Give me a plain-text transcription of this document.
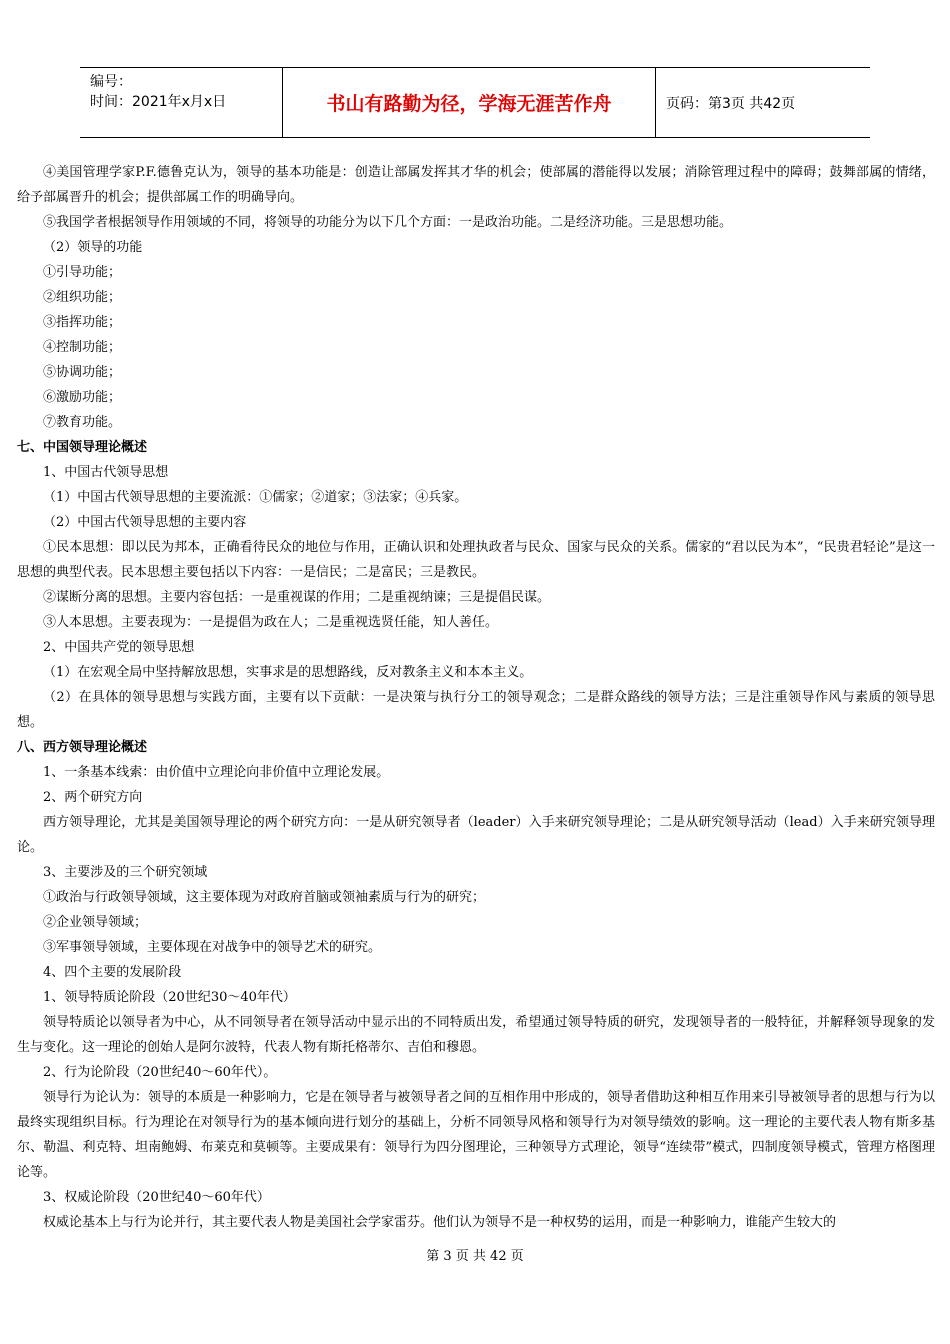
编号：
时间：2021年x月x日	书山有路勤为径，学海无涯苦作舟	页码：第3页 共42页

④美国管理学家P.F.德鲁克认为，领导的基本功能是：创造让部属发挥其才华的机会；使部属的潜能得以发展；消除管理过程中的障碍；鼓舞部属的情绪，给予部属晋升的机会；提供部属工作的明确导向。

⑤我国学者根据领导作用领域的不同，将领导的功能分为以下几个方面：一是政治功能。二是经济功能。三是思想功能。

（2）领导的功能

①引导功能；

②组织功能；

③指挥功能；

④控制功能；

⑤协调功能；

⑥激励功能；

⑦教育功能。

七、中国领导理论概述

1、中国古代领导思想

（1）中国古代领导思想的主要流派：①儒家；②道家；③法家；④兵家。

（2）中国古代领导思想的主要内容

①民本思想：即以民为邦本，正确看待民众的地位与作用，正确认识和处理执政者与民众、国家与民众的关系。儒家的“君以民为本”，“民贵君轻论”是这一思想的典型代表。民本思想主要包括以下内容：一是信民；二是富民；三是教民。

②谋断分离的思想。主要内容包括：一是重视谋的作用；二是重视纳谏；三是提倡民谋。

③人本思想。主要表现为：一是提倡为政在人；二是重视选贤任能，知人善任。

2、中国共产党的领导思想

（1）在宏观全局中坚持解放思想，实事求是的思想路线，反对教条主义和本本主义。

（2）在具体的领导思想与实践方面，主要有以下贡献：一是决策与执行分工的领导观念；二是群众路线的领导方法；三是注重领导作风与素质的领导思想。

八、西方领导理论概述

1、一条基本线索：由价值中立理论向非价值中立理论发展。

2、两个研究方向

西方领导理论，尤其是美国领导理论的两个研究方向：一是从研究领导者（leader）入手来研究领导理论；二是从研究领导活动（lead）入手来研究领导理论。

3、主要涉及的三个研究领域

①政治与行政领导领域，这主要体现为对政府首脑或领袖素质与行为的研究；

②企业领导领域；

③军事领导领域，主要体现在对战争中的领导艺术的研究。

4、四个主要的发展阶段

1、领导特质论阶段（20世纪30～40年代）

领导特质论以领导者为中心，从不同领导者在领导活动中显示出的不同特质出发，希望通过领导特质的研究，发现领导者的一般特征，并解释领导现象的发生与变化。这一理论的创始人是阿尔波特，代表人物有斯托格蒂尔、吉伯和穆恩。

2、行为论阶段（20世纪40～60年代）。

领导行为论认为：领导的本质是一种影响力，它是在领导者与被领导者之间的互相作用中形成的，领导者借助这种相互作用来引导被领导者的思想与行为以最终实现组织目标。行为理论在对领导行为的基本倾向进行划分的基础上，分析不同领导风格和领导行为对领导绩效的影响。这一理论的主要代表人物有斯多基尔、勒温、利克特、坦南鲍姆、布莱克和莫顿等。主要成果有：领导行为四分图理论，三种领导方式理论，领导“连续带”模式，四制度领导模式，管理方格图理论等。

3、权威论阶段（20世纪40～60年代）

权威论基本上与行为论并行，其主要代表人物是美国社会学家雷芬。他们认为领导不是一种权势的运用，而是一种影响力，谁能产生较大的

第 3 页 共 42 页
